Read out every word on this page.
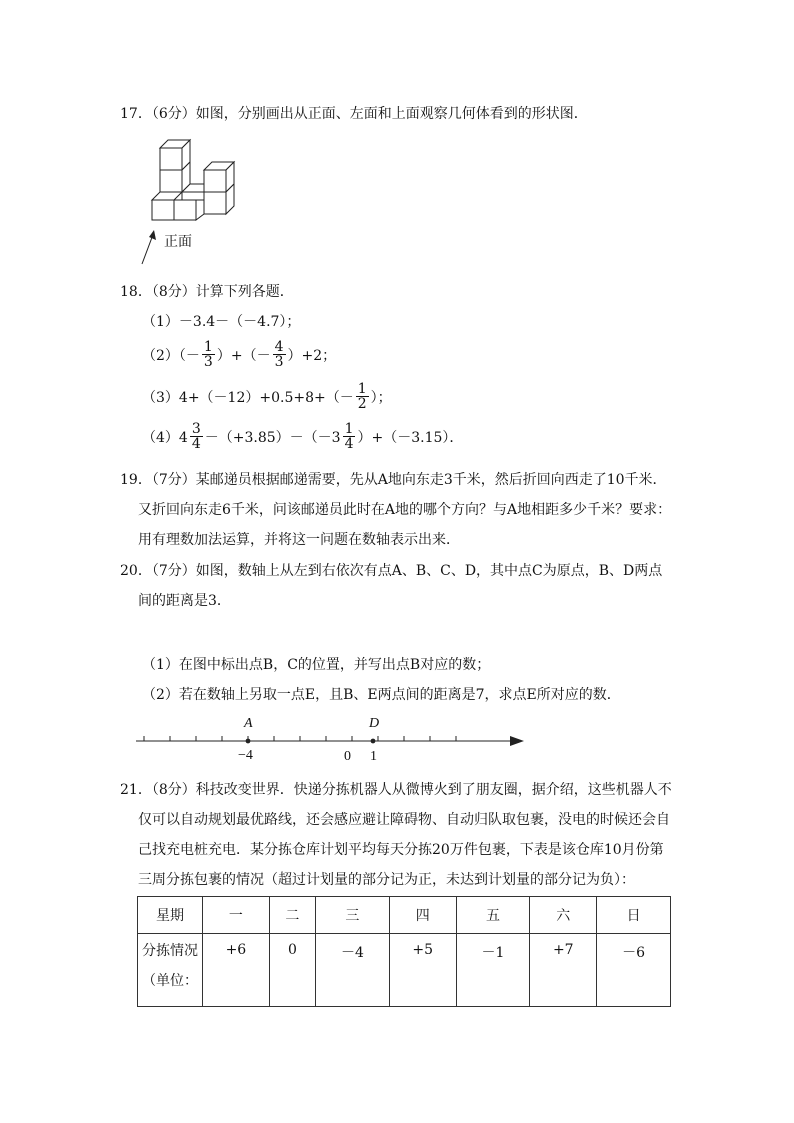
17．（6分）如图，分别画出从正面、左面和上面观察几何体看到的形状图．
正面
18．（8分）计算下列各题．
（1）－3.4－（－4.7）；
$(2)(- \frac{1}{3}$ ）+（－ $\frac{4}{3} )+2$；
$(3)4+(-12)+0.5+8+(- \frac{1}{2}$ ）；
$(4)4 \frac{3}{4} -(+3.85)-(-3 \frac{1}{4} )+(-3.15)$．
19．（7分）某邮递员根据邮递需要，先从A地向东走3千米，然后折回向西走了10千米．
又折回向东走6千米，问该邮递员此时在A地的哪个方向？与A地相距多少千米？要求：
用有理数加法运算，并将这一问题在数轴表示出来．
20．（7分）如图，数轴上从左到右依次有点A、B、C、D，其中点C为原点，B、D两点
间的距离是3．
（1）在图中标出点B，C的位置，并写出点B对应的数；
（2）若在数轴上另取一点E，且B、E两点间的距离是7，求点E所对应的数．
A	D
−4	0 1
21．（8分）科技改变世界．快递分拣机器人从微博火到了朋友圈，据介绍，这些机器人不
仅可以自动规划最优路线，还会感应避让障碍物、自动归队取包裹，没电的时候还会自
己找充电桩充电．某分拣仓库计划平均每天分拣20万件包裹，下表是该仓库10月份第
三周分拣包裹的情况（超过计划量的部分记为正，未达到计划量的部分记为负）：
星期	一	二	三	四	五	六	日

分拣情况
（单位：	+6	0	－4	+5	－1	+7	－6
